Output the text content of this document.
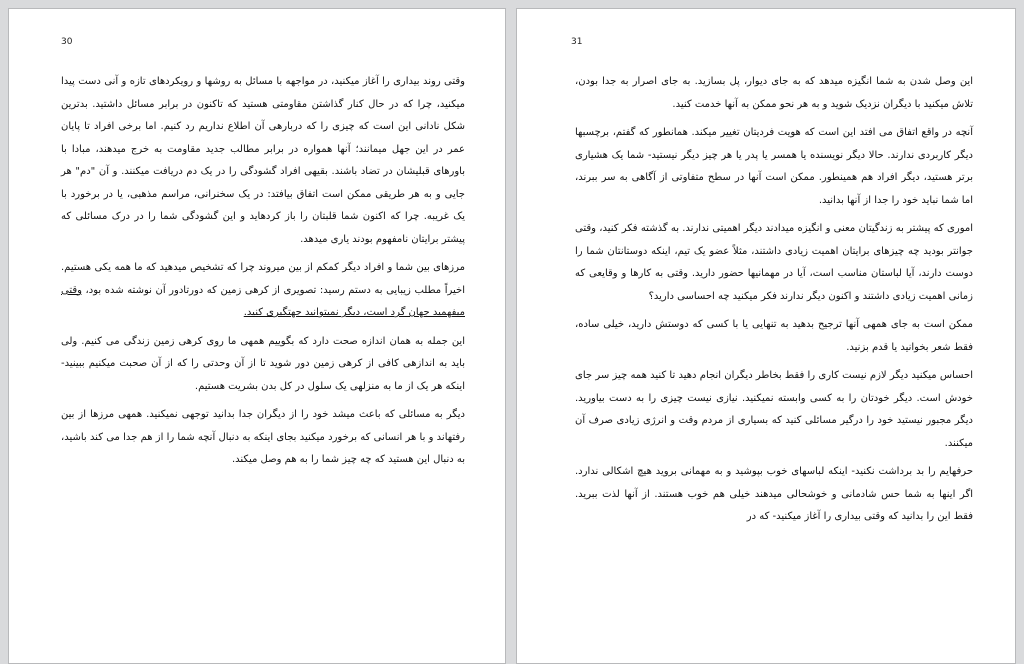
30

وقتی روند بیداری را آغاز میکنید، در مواجهه با مسائل به روشها و رویکردهای تازه و آنی دست پیدا میکنید، چرا که در حال کنار گذاشتن مقاومتی هستید که تاکنون در برابر مسائل داشتید. بدترین شکل نادانی این است که چیزی را که دربارهی آن اطلاع نداریم رد کنیم. اما برخی افراد تا پایان عمر در این جهل میمانند؛ آنها همواره در برابر مطالب جدید مقاومت به خرج میدهند، مبادا با باورهای قبلیشان در تضاد باشند. بقیهی افراد گشودگی را در یک دم دریافت میکنند. و آن "دم" هر جایی و به هر طریقی ممکن است اتفاق بیافتد: در یک سخنرانی، مراسم مذهبی، یا در برخورد با یک غریبه. چرا که اکنون شما قلبتان را باز کردهاید و این گشودگی شما را در درک مسائلی که پیشتر برایتان نامفهوم بودند یاری میدهد.

مرزهای بین شما و افراد دیگر کمکم از بین میروند چرا که تشخیص میدهید که ما همه یکی هستیم. اخیراً مطلب زیبایی به دستم رسید: تصویری از کرهی زمین که دورتادور آن نوشته شده بود، وقتی میفهمید جهان گرد است، دیگر نمیتوانید جهتگیری کنید.

این جمله به همان اندازه صحت دارد که بگوییم همهی ما روی کرهی زمین زندگی می کنیم. ولی باید به اندازهی کافی از کرهی زمین دور شوید تا از آن وحدتی را که از آن صحبت میکنیم ببینید- اینکه هر یک از ما به منزلهی یک سلول در کل بدن بشریت هستیم.

دیگر به مسائلی که باعث میشد خود را از دیگران جدا بدانید توجهی نمیکنید. همهی مرزها از بین رفتهاند و با هر انسانی که برخورد میکنید بجای اینکه به دنبال آنچه شما را از هم جدا می کند باشید، به دنبال این هستید که چه چیز شما را به هم وصل میکند.

31

این وصل شدن به شما انگیزه میدهد که به جای دیوار، پل بسازید. به جای اصرار به جدا بودن، تلاش میکنید با دیگران نزدیک شوید و به هر نحو ممکن به آنها خدمت کنید.

آنچه در واقع اتفاق می افتد این است که هویت فردیتان تغییر میکند. همانطور که گفتم، برچسبها دیگر کاربردی ندارند. حالا دیگر نویسنده یا همسر یا پدر یا هر چیز دیگر نیستید- شما یک هشیاری برتر هستید، دیگر افراد هم همینطور. ممکن است آنها در سطح متفاوتی از آگاهی به سر ببرند، اما شما نباید خود را جدا از آنها بدانید.

اموری که پیشتر به زندگیتان معنی و انگیزه میدادند دیگر اهمیتی ندارند. به گذشته فکر کنید، وقتی جوانتر بودید چه چیزهای برایتان اهمیت زیادی داشتند، مثلاً عضو یک تیم، اینکه دوستانتان شما را دوست دارند، آیا لباستان مناسب است، آیا در مهمانیها حضور دارید. وقتی به کارها و وقایعی که زمانی اهمیت زیادی داشتند و اکنون دیگر ندارند فکر میکنید چه احساسی دارید؟

ممکن است به جای همهی آنها ترجیح بدهید به تنهایی یا با کسی که دوستش دارید، خیلی ساده، فقط شعر بخوانید یا قدم بزنید.

احساس میکنید دیگر لازم نیست کاری را فقط بخاطر دیگران انجام دهید تا کنید همه چیز سر جای خودش است. دیگر خودتان را به کسی وابسته نمیکنید. نیازی نیست چیزی را به دست بیاورید. دیگر مجبور نیستید خود را درگیر مسائلی کنید که بسیاری از مردم وقت و انرژی زیادی صرف آن میکنند.

حرفهایم را بد برداشت نکنید- اینکه لباسهای خوب بپوشید و به مهمانی بروید هیچ اشکالی ندارد. اگر اینها به شما حس شادمانی و خوشحالی میدهند خیلی هم خوب هستند. از آنها لذت ببرید. فقط این را بدانید که وقتی بیداری را آغاز میکنید- که در
